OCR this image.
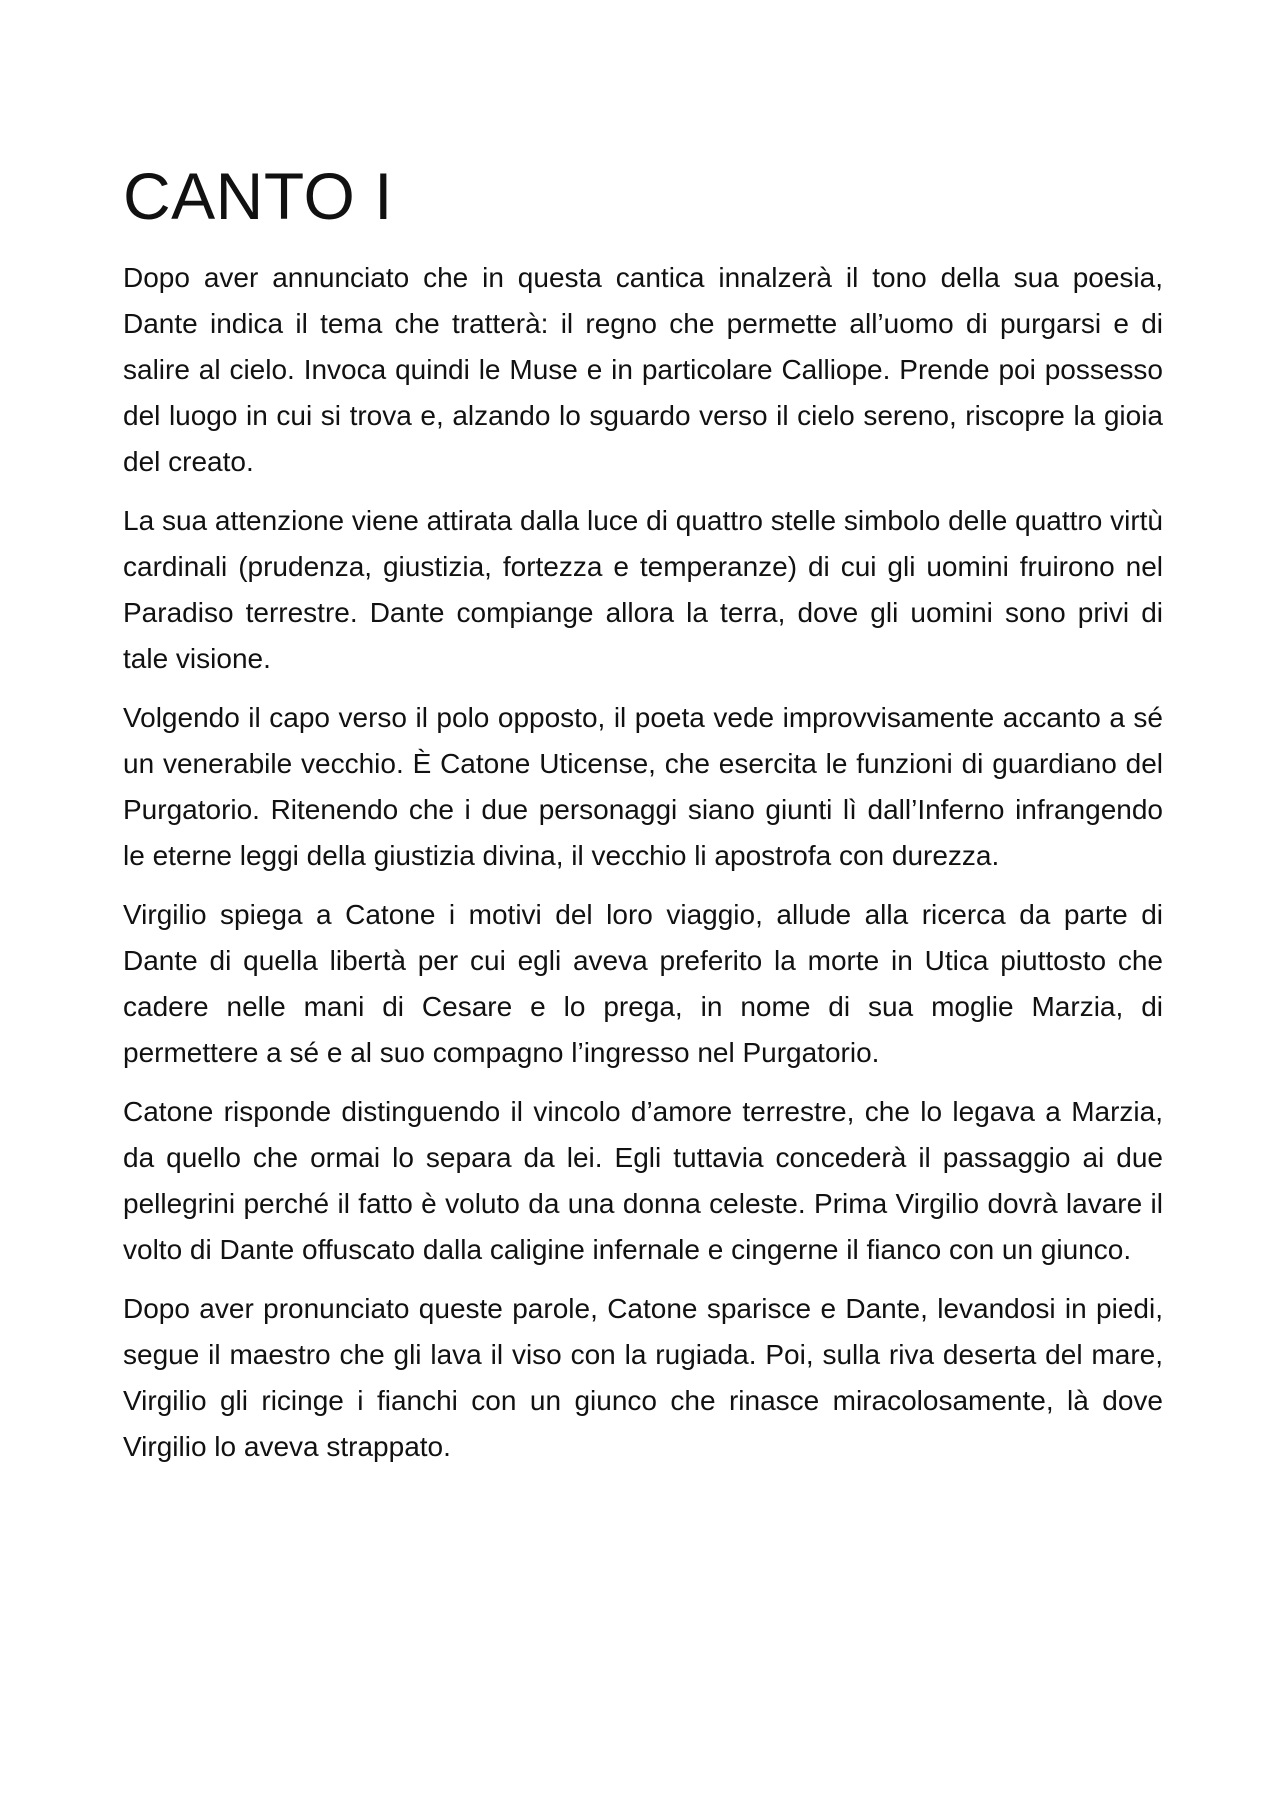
CANTO I

Dopo aver annunciato che in questa cantica innalzerà il tono della sua poesia, Dante indica il tema che tratterà: il regno che permette all’uomo di purgarsi e di salire al cielo. Invoca quindi le Muse e in particolare Calliope. Prende poi possesso del luogo in cui si trova e, alzando lo sguardo verso il cielo sereno, riscopre la gioia del creato.

La sua attenzione viene attirata dalla luce di quattro stelle simbolo delle quattro virtù cardinali (prudenza, giustizia, fortezza e temperanze) di cui gli uomini fruirono nel Paradiso terrestre. Dante compiange allora la terra, dove gli uomini sono privi di tale visione.

Volgendo il capo verso il polo opposto, il poeta vede improvvisamente accanto a sé un venerabile vecchio. È Catone Uticense, che esercita le funzioni di guardiano del Purgatorio. Ritenendo che i due personaggi siano giunti lì dall’Inferno infrangendo le eterne leggi della giustizia divina, il vecchio li apostrofa con durezza.

Virgilio spiega a Catone i motivi del loro viaggio, allude alla ricerca da parte di Dante di quella libertà per cui egli aveva preferito la morte in Utica piuttosto che cadere nelle mani di Cesare e lo prega, in nome di sua moglie Marzia, di permettere a sé e al suo compagno l’ingresso nel Purgatorio.

Catone risponde distinguendo il vincolo d’amore terrestre, che lo legava a Marzia, da quello che ormai lo separa da lei. Egli tuttavia concederà il passaggio ai due pellegrini perché il fatto è voluto da una donna celeste. Prima Virgilio dovrà lavare il volto di Dante offuscato dalla caligine infernale e cingerne il fianco con un giunco.

Dopo aver pronunciato queste parole, Catone sparisce e Dante, levandosi in piedi, segue il maestro che gli lava il viso con la rugiada. Poi, sulla riva deserta del mare, Virgilio gli ricinge i fianchi con un giunco che rinasce miracolosamente, là dove Virgilio lo aveva strappato.
